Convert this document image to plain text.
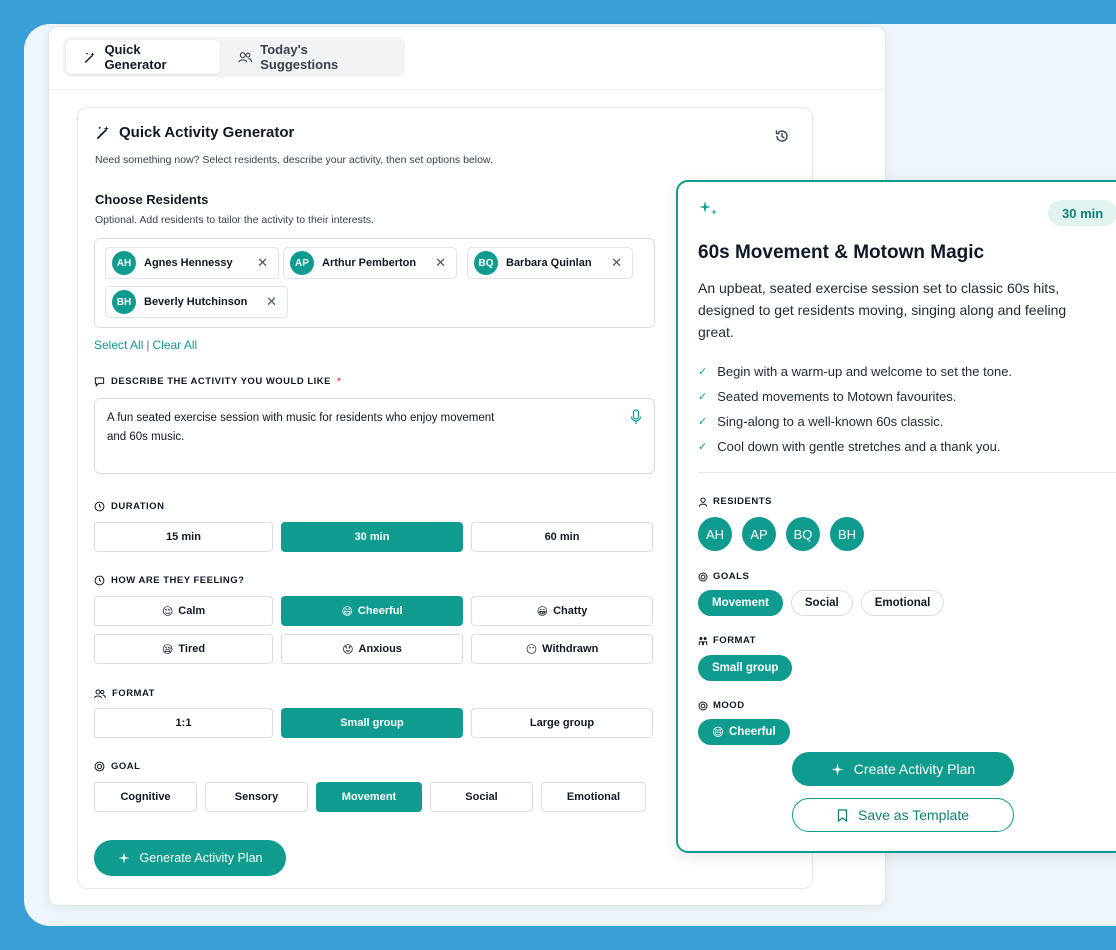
Quick Generator
Today's Suggestions
Quick Activity Generator
Need something now? Select residents, describe your activity, then set options below.
Choose Residents
Optional. Add residents to tailor the activity to their interests.
AH	Agnes Hennessy ✕	AP	Arthur Pemberton ✕	BQ	Barbara Quinlan ✕
BH	Beverly Hutchinson ✕
Select All | Clear All
DESCRIBE THE ACTIVITY YOU WOULD LIKE *
A fun seated exercise session with music for residents who enjoy movement and 60s music.
DURATION
15 min	30 min	60 min
HOW ARE THEY FEELING?
😌 Calm	😄 Cheerful	😀 Chatty
😪 Tired	😟 Anxious	😶 Withdrawn
FORMAT
1:1	Small group	Large group
GOAL
Cognitive	Sensory	Movement	Social	Emotional
Generate Activity Plan
30 min
60s Movement & Motown Magic
An upbeat, seated exercise session set to classic 60s hits, designed to get residents moving, singing along and feeling great.
✓ Begin with a warm-up and welcome to set the tone.
✓ Seated movements to Motown favourites.
✓ Sing-along to a well-known 60s classic.
✓ Cool down with gentle stretches and a thank you.
RESIDENTS
AH	AP	BQ	BH
GOALS
Movement	Social	Emotional
FORMAT
Small group
MOOD
😄 Cheerful
Create Activity Plan
Save as Template
